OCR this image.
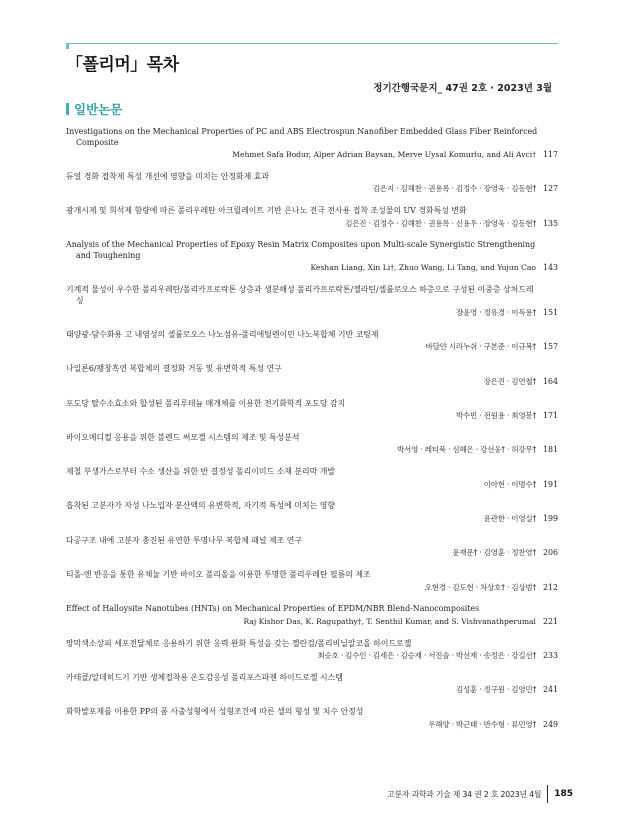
「폴리머」목차
정기간행국문지_ 47권 2호 · 2023년 3월
일반논문
Investigations on the Mechanical Properties of PC and ABS Electrospun Nanofiber Embedded Glass Fiber Reinforced Composite
Mehmet Safa Bodur, Alper Adrian Baysan, Merve Uysal Komurlu, and Ali Avci† 117
듀얼 경화 접착제 특성 개선에 영향을 미치는 안정화제 효과
김은지 · 김해찬 · 권용록 · 김정수 · 장영욱 · 김동현† 127
광개시제 및 희석제 함량에 따른 폴리우레탄 아크릴레이트 기반 은나노 전극 전사용 접착 조성물의 UV 경화특성 변화
김은진 · 김정수 · 김해찬 · 권용록 · 신용우 · 장영욱 · 김동현† 135
Analysis of the Mechanical Properties of Epoxy Resin Matrix Composites upon Multi-scale Synergistic Strengthening and Toughening
Keshan Liang, Xin Li†, Zhuo Wang, Li Tang, and Yujun Cao 143
기계적 물성이 우수한 폴리우레탄/폴리카프로락톤 상층과 생분해성 폴리카프로락톤/젤라틴/셀룰로오스 하층으로 구성된 이중층 상처드레싱
장윤영 · 정유경 · 이득용† 151
태양광-담수화용 고 내염성의 셀룰로오스 나노섬유-폴리에틸렌이민 나노복합체 기반 코팅제
바달얀 시라누쉬 · 구본준 · 이규복† 157
나일론6/팽창흑연 복합체의 결정화 거동 및 유변학적 특성 연구
장은진 · 김연철† 164
포도당 탈수소효소와 합성된 폴리루테늄 매개체를 이용한 전기화학적 포도당 감지
박수빈 · 전원용 · 최영봉† 171
바이오메디컬 응용을 위한 블렌드 써모겔 시스템의 제조 및 특성분석
박서영 · 레티푹 · 심혜은 · 강선웅† · 허강무† 181
제철 부생가스로부터 수소 생산을 위한 반 결정성 폴리이미드 소재 분리막 개발
이아현 · 이명수† 191
흡착된 고분자가 자성 나노입자 분산액의 유변학적, 자기적 특성에 미치는 영향
윤관한 · 이영실† 199
다공구조 내에 고분자 충진된 유연한 투명나무 복합체 패널 제조 연구
윤재문† · 김영훈 · 정찬영† 206
티올-엔 반응을 통한 유채눌 기반 바이오 폴리올을 이용한 투명한 폴리우레탄 필름의 제조
오현경 · 김도현 · 차상호† · 김상범† 212
Effect of Halloysite Nanotubes (HNTs) on Mechanical Properties of EPDM/NBR Blend-Nanocomposites
Raj Kishor Das, K. Ragupathy†, T. Senthil Kumar, and S. Vishvanathperumal 221
망막색소상피 세포전달체로 응용하기 위한 응력 완화 특성을 갖는 젤란검/폴리비닐알코올 하이드로젤
최승호 · 김수인 · 김세은 · 김승재 · 서진솔 · 박선재 · 송정은 · 강길선† 233
카테콜/알데히드기 기반 생체접착용 온도감응성 폴리포스파젠 하이드로젤 시스템
김성훈 · 정구원 · 김영민† 241
화학발포제를 이용한 PP의 폼 사출성형에서 성형조건에 따른 셀의 형성 및 치수 안정성
우해양 · 박근태 · 반수형 · 류민영† 249
고분자 과학과 기술 제 34 권 2 호 2023년 4월 185
